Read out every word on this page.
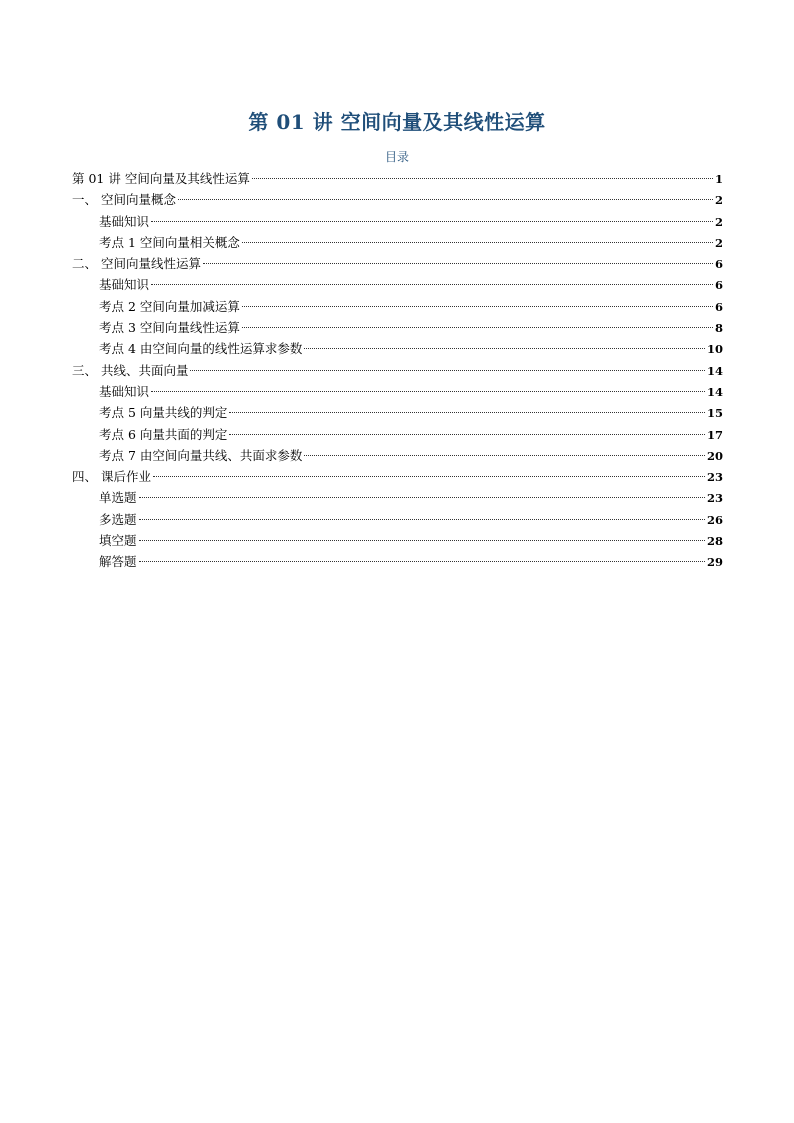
第 01 讲 空间向量及其线性运算
目录
第 01 讲 空间向量及其线性运算	1
一、 空间向量概念	2
基础知识	2
考点 1 空间向量相关概念	2
二、 空间向量线性运算	6
基础知识	6
考点 2 空间向量加减运算	6
考点 3 空间向量线性运算	8
考点 4 由空间向量的线性运算求参数	10
三、 共线、共面向量	14
基础知识	14
考点 5 向量共线的判定	15
考点 6 向量共面的判定	17
考点 7 由空间向量共线、共面求参数	20
四、 课后作业	23
单选题	23
多选题	26
填空题	28
解答题	29
